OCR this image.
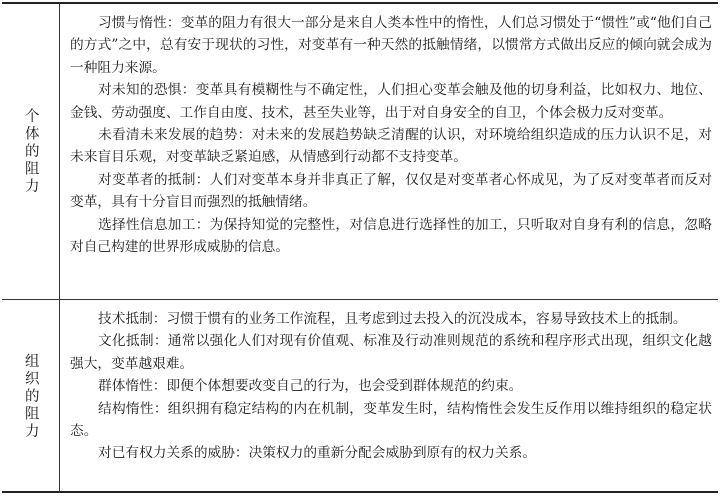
个体的阻力

习惯与惰性：变革的阻力有很大一部分是来自人类本性中的惰性，人们总习惯处于“惯性”或“他们自己的方式”之中，总有安于现状的习性，对变革有一种天然的抵触情绪，以惯常方式做出反应的倾向就会成为一种阻力来源。

对未知的恐惧：变革具有模糊性与不确定性，人们担心变革会触及他的切身利益，比如权力、地位、金钱、劳动强度、工作自由度、技术，甚至失业等，出于对自身安全的自卫，个体会极力反对变革。

未看清未来发展的趋势：对未来的发展趋势缺乏清醒的认识，对环境给组织造成的压力认识不足，对未来盲目乐观，对变革缺乏紧迫感，从情感到行动都不支持变革。

对变革者的抵制：人们对变革本身并非真正了解，仅仅是对变革者心怀成见，为了反对变革者而反对变革，具有十分盲目而强烈的抵触情绪。

选择性信息加工：为保持知觉的完整性，对信息进行选择性的加工，只听取对自身有利的信息，忽略对自己构建的世界形成威胁的信息。

组织的阻力

技术抵制：习惯于惯有的业务工作流程，且考虑到过去投入的沉没成本，容易导致技术上的抵制。

文化抵制：通常以强化人们对现有价值观、标准及行动准则规范的系统和程序形式出现，组织文化越强大，变革越艰难。

群体惰性：即便个体想要改变自己的行为，也会受到群体规范的约束。

结构惰性：组织拥有稳定结构的内在机制，变革发生时，结构惰性会发生反作用以维持组织的稳定状态。

对已有权力关系的威胁：决策权力的重新分配会威胁到原有的权力关系。
